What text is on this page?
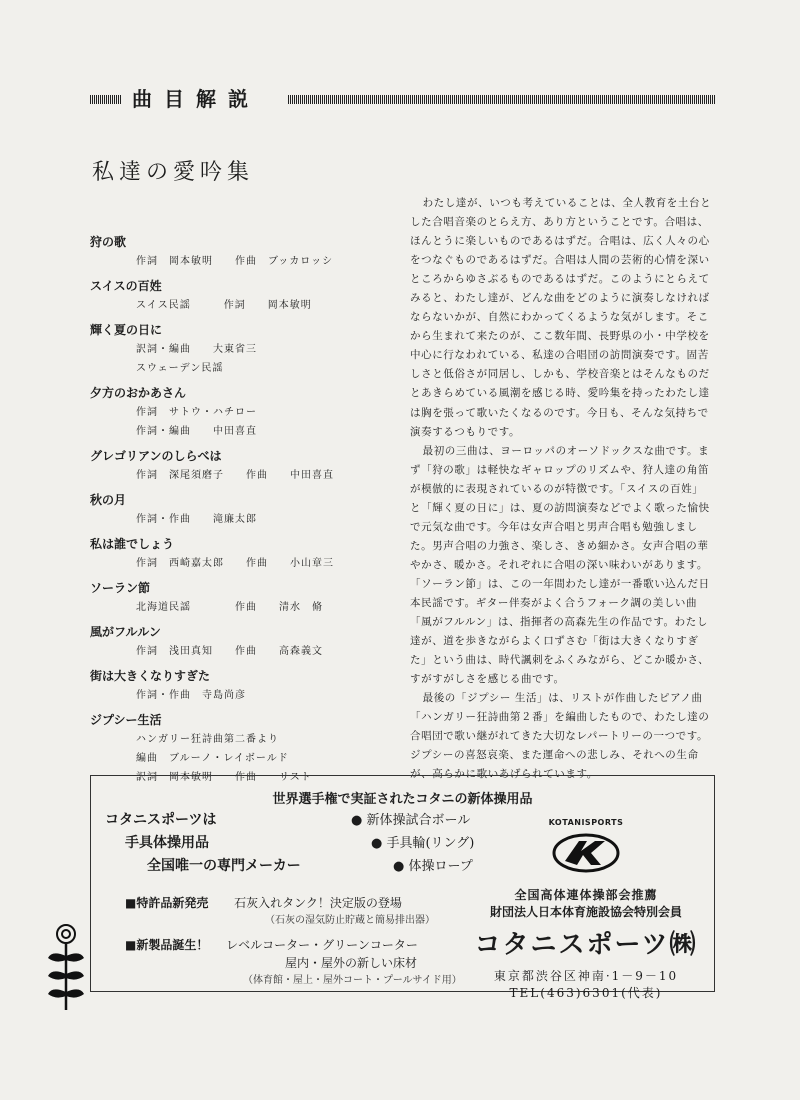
曲目解説
私達の愛吟集
狩の歌
作詞　岡本敏明　　作曲　ブッカロッシ
スイスの百姓
スイス民謡　　　作詞　　岡本敏明
輝く夏の日に
訳詞・編曲　　大東省三
スウェーデン民謡
夕方のおかあさん
作詞　サトウ・ハチロー
作詞・編曲　　中田喜直
グレゴリアンのしらべは
作詞　深尾須磨子　　作曲　　中田喜直
秋の月
作詞・作曲　　滝廉太郎
私は誰でしょう
作詞　西崎嘉太郎　　作曲　　小山章三
ソーラン節
北海道民謡　　　　作曲　　清水　脩
風がフルルン
作詞　浅田真知　　作曲　　高森義文
街は大きくなりすぎた
作詞・作曲　寺島尚彦
ジプシー生活
ハンガリー狂詩曲第二番より
編曲　ブルーノ・レイボールド
訳詞　岡本敏明　　作曲　　リスト

わたし達が、いつも考えていることは、全人教育を土台とした合唱音楽のとらえ方、あり方ということです。合唱は、ほんとうに楽しいものであるはずだ。合唱は、広く人々の心をつなぐものであるはずだ。合唱は人間の芸術的心情を深いところからゆさぶるものであるはずだ。このようにとらえてみると、わたし達が、どんな曲をどのように演奏しなければならないかが、自然にわかってくるような気がします。そこから生まれて来たのが、ここ数年間、長野県の小・中学校を中心に行なわれている、私達の合唱団の訪問演奏です。固苦しさと低俗さが同居し、しかも、学校音楽とはそんなものだとあきらめている風潮を感じる時、愛吟集を持ったわたし達は胸を張って歌いたくなるのです。今日も、そんな気持ちで演奏するつもりです。

最初の三曲は、ヨーロッパのオーソドックスな曲です。まず「狩の歌」は軽快なギャロップのリズムや、狩人達の角笛が模倣的に表現されているのが特徴です。「スイスの百姓」と「輝く夏の日に」は、夏の訪問演奏などでよく歌った愉快で元気な曲です。今年は女声合唱と男声合唱も勉強しました。男声合唱の力強さ、楽しさ、きめ細かさ。女声合唱の華やかさ、暖かさ。それぞれに合唱の深い味わいがあります。「ソーラン節」は、この一年間わたし達が一番歌い込んだ日本民謡です。ギター伴奏がよく合うフォーク調の美しい曲「風がフルルン」は、指揮者の高森先生の作品です。わたし達が、道を歩きながらよく口ずさむ「街は大きくなりすぎた」という曲は、時代諷刺をふくみながら、どこか暖かさ、すがすがしさを感じる曲です。

最後の「ジプシー 生活」は、リストが作曲したピアノ曲「ハンガリー狂詩曲第２番」を編曲したもので、わたし達の合唱団で歌い継がれてきた大切なレパートリーの一つです。ジプシーの喜怒哀楽、また運命への悲しみ、それへの生命が、高らかに歌いあげられています。

世界選手権で実証されたコタニの新体操用品
コタニスポーツは
手具体操用品
全国唯一の専門メーカー
● 新体操試合ボール
● 手具輪(リング)
● 体操ロープ
KOTANISPORTS
■特許品新発売 石灰入れタンク！決定版の登場
（石灰の湿気防止貯蔵と簡易排出器）
■新製品誕生！ レベルコーター・グリーンコーター
屋内・屋外の新しい床材
（体育館・屋上・屋外コート・プールサイド用）
全国高体連体操部会推薦
財団法人日本体育施設協会特別会員
コタニスポーツ㈱
東京都渋谷区神南·1－9－10
TEL(463)6301(代表)
